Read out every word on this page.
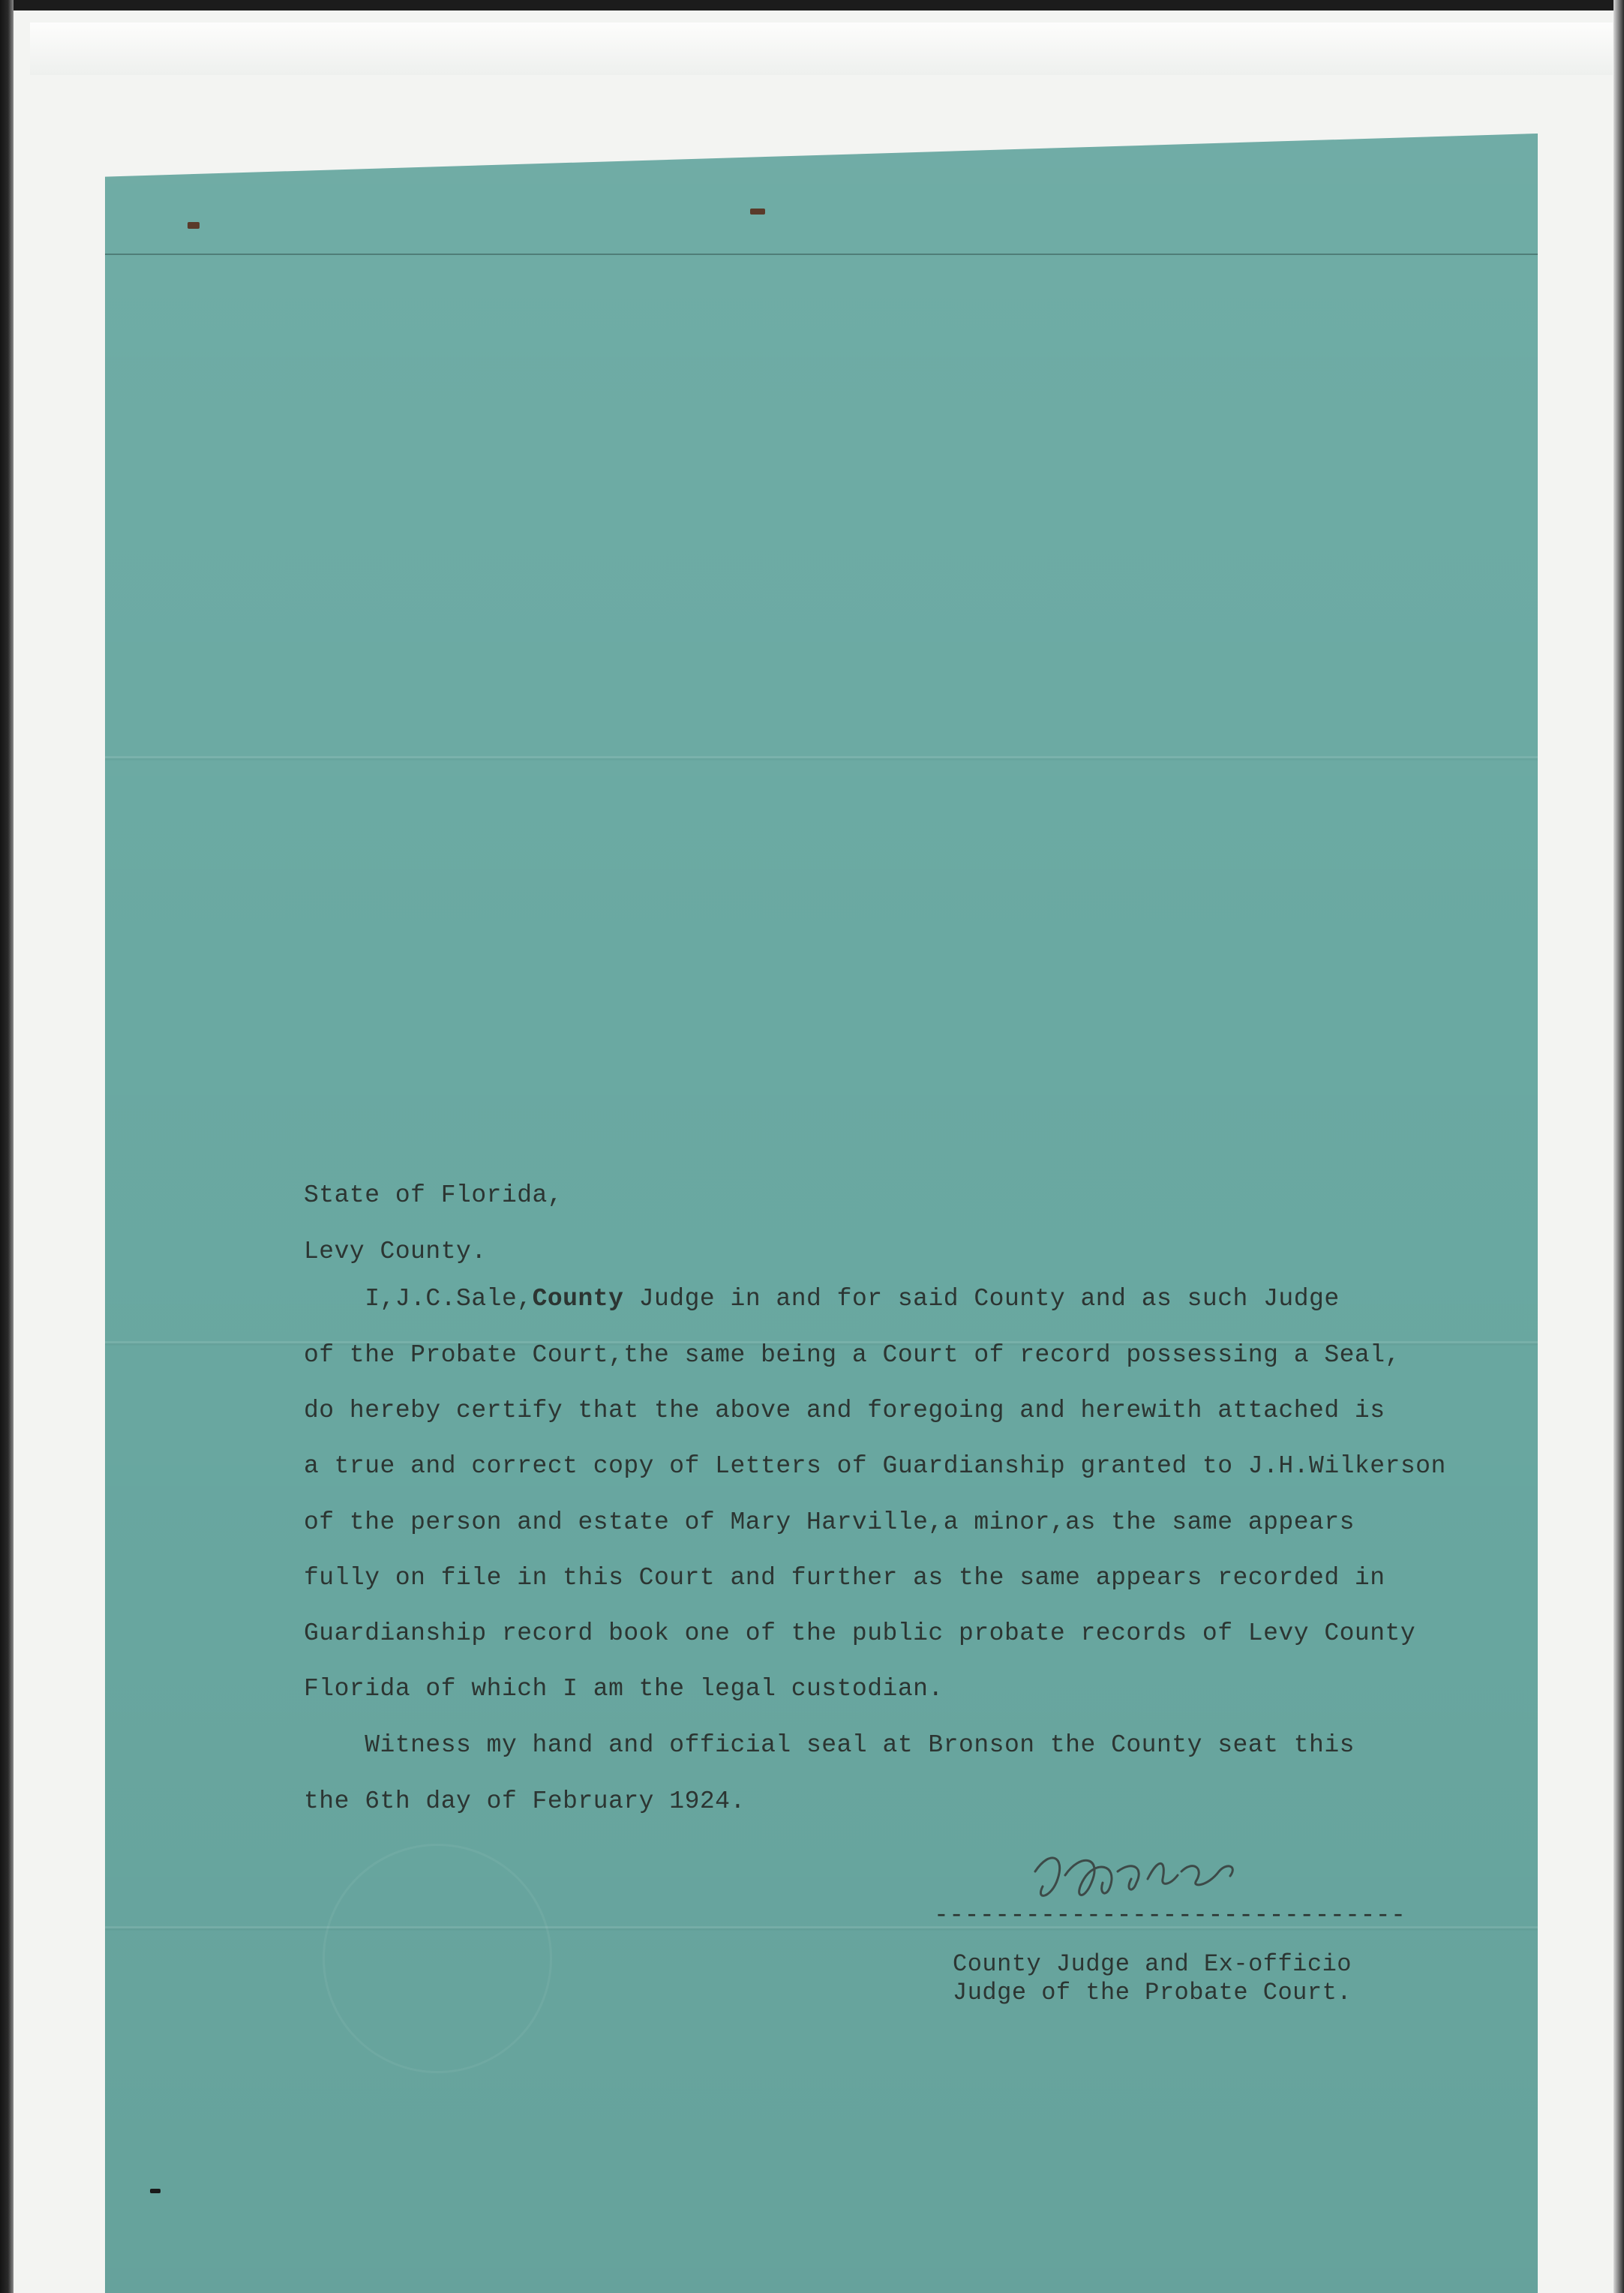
State of Florida,
Levy County.
I,J.C.Sale,County Judge in and for said County and as such Judge
of the Probate Court,the same being a Court of record possessing a Seal,
do hereby certify that the above and foregoing and herewith attached is
a true and correct copy of Letters of Guardianship granted to J.H.Wilkerson
of the person and estate of Mary Harville,a minor,as the same appears
fully on file in this Court and further as the same appears recorded in
Guardianship record book one of the public probate records of Levy County
Florida of which I am the legal custodian.
Witness my hand and official seal at Bronson the County seat this
the 6th day of February 1924.
-------------------------------
County Judge and Ex-officio
Judge of the Probate Court.
